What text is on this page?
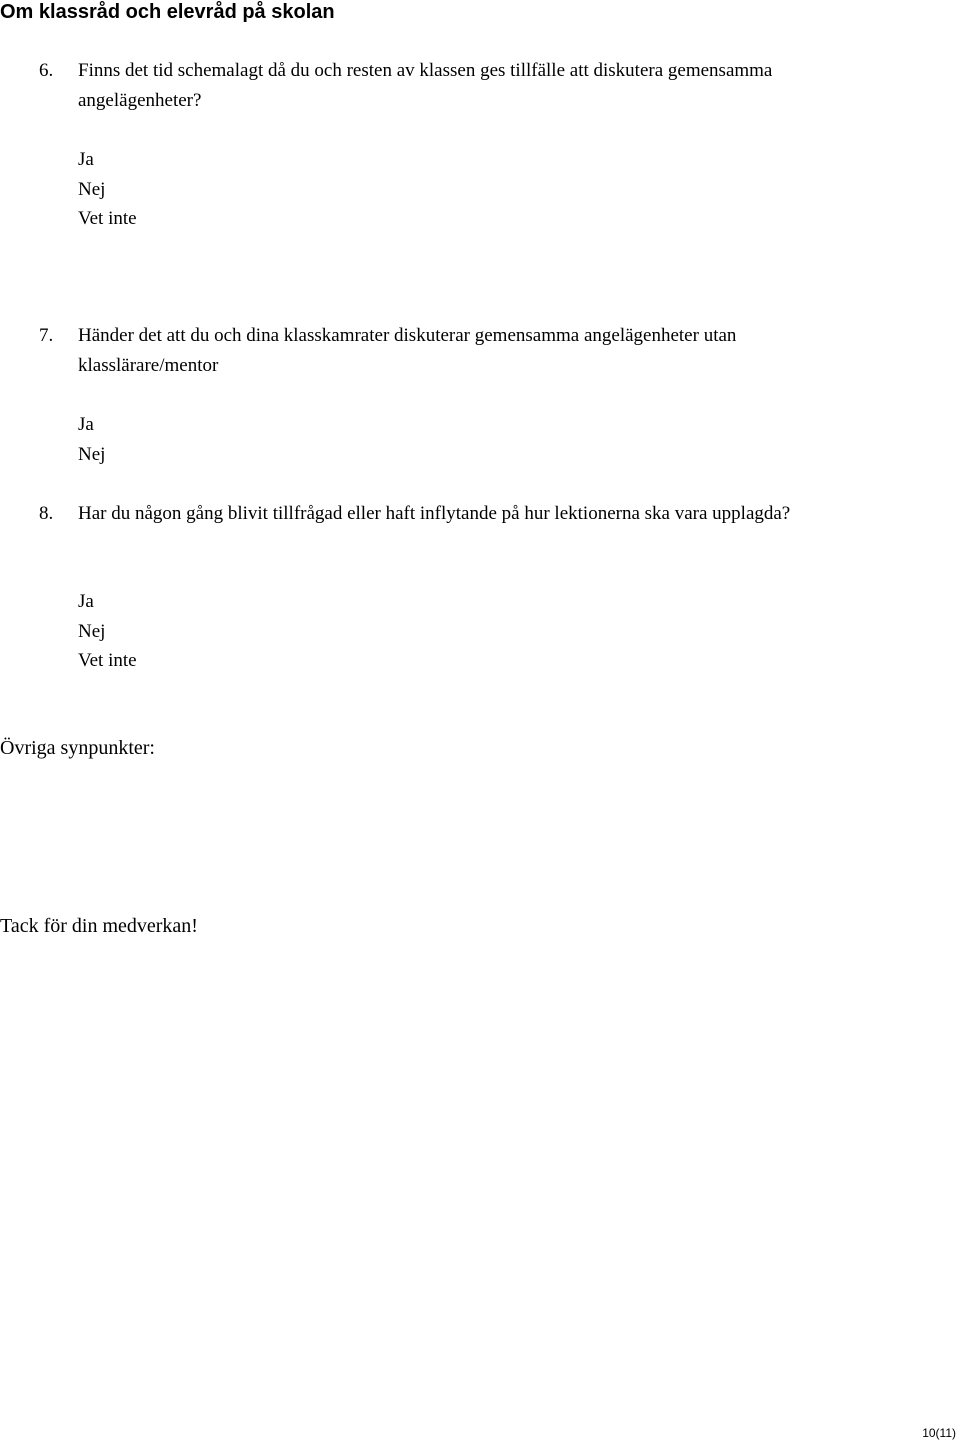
Om klassråd och elevråd på skolan
6. Finns det tid schemalagt då du och resten av klassen ges tillfälle att diskutera gemensamma angelägenheter?
Ja
Nej
Vet inte
7. Händer det att du och dina klasskamrater diskuterar gemensamma angelägenheter utan klasslärare/mentor
Ja
Nej
8. Har du någon gång blivit tillfrågad eller haft inflytande på hur lektionerna ska vara upplagda?
Ja
Nej
Vet inte
Övriga synpunkter:
Tack för din medverkan!
10(11)
